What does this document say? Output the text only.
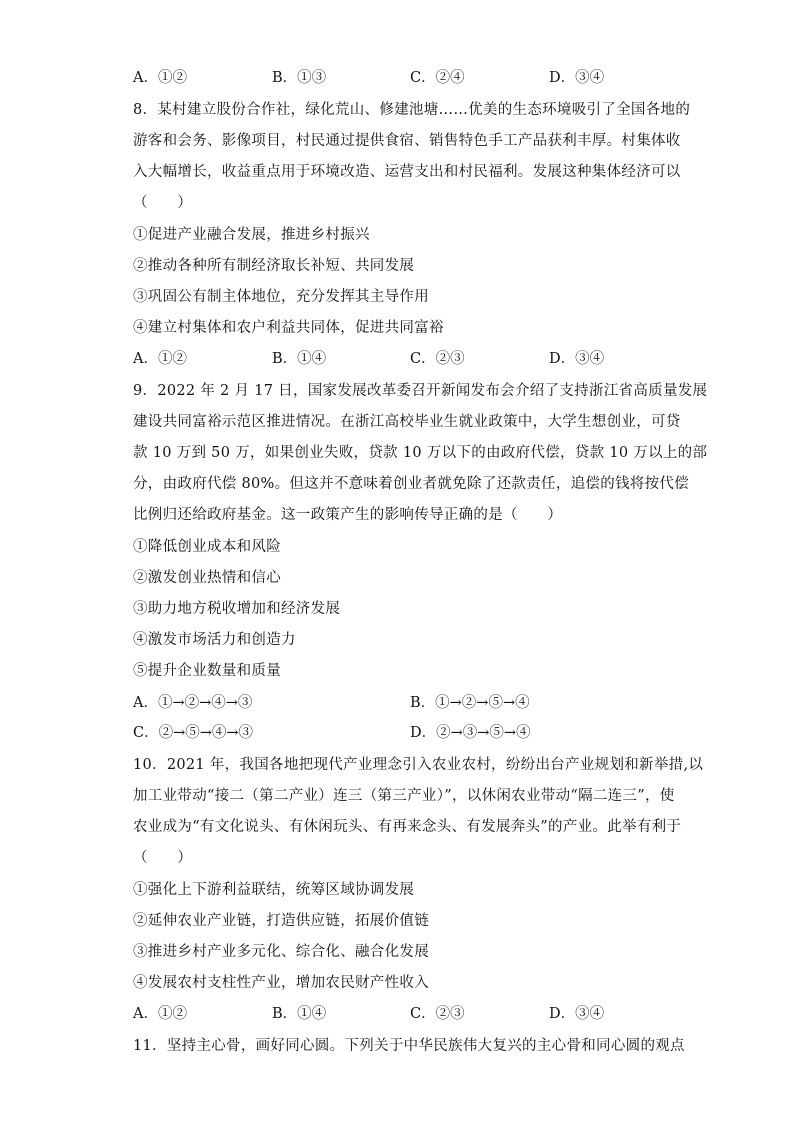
A．①②	B．①③	C．②④	D．③④
8．某村建立股份合作社，绿化荒山、修建池塘……优美的生态环境吸引了全国各地的
游客和会务、影像项目，村民通过提供食宿、销售特色手工产品获利丰厚。村集体收
入大幅增长，收益重点用于环境改造、运营支出和村民福利。发展这种集体经济可以
（　　）
①促进产业融合发展，推进乡村振兴
②推动各种所有制经济取长补短、共同发展
③巩固公有制主体地位，充分发挥其主导作用
④建立村集体和农户利益共同体，促进共同富裕
A．①②	B．①④	C．②③	D．③④
9．2022 年 2 月 17 日，国家发展改革委召开新闻发布会介绍了支持浙江省高质量发展
建设共同富裕示范区推进情况。在浙江高校毕业生就业政策中，大学生想创业，可贷
款 10 万到 50 万，如果创业失败，贷款 10 万以下的由政府代偿，贷款 10 万以上的部
分，由政府代偿 80%。但这并不意味着创业者就免除了还款责任，追偿的钱将按代偿
比例归还给政府基金。这一政策产生的影响传导正确的是（　　）
①降低创业成本和风险
②激发创业热情和信心
③助力地方税收增加和经济发展
④激发市场活力和创造力
⑤提升企业数量和质量
A．①→②→④→③	B．①→②→⑤→④
C．②→⑤→④→③	D．②→③→⑤→④
10．2021 年，我国各地把现代产业理念引入农业农村，纷纷出台产业规划和新举措,以
加工业带动“接二（第二产业）连三（第三产业）”，以休闲农业带动“隔二连三”，使
农业成为“有文化说头、有休闲玩头、有再来念头、有发展奔头”的产业。此举有利于
（　　）
①强化上下游利益联结，统筹区域协调发展
②延伸农业产业链，打造供应链，拓展价值链
③推进乡村产业多元化、综合化、融合化发展
④发展农村支柱性产业，增加农民财产性收入
A．①②	B．①④	C．②③	D．③④
11．坚持主心骨，画好同心圆。下列关于中华民族伟大复兴的主心骨和同心圆的观点
